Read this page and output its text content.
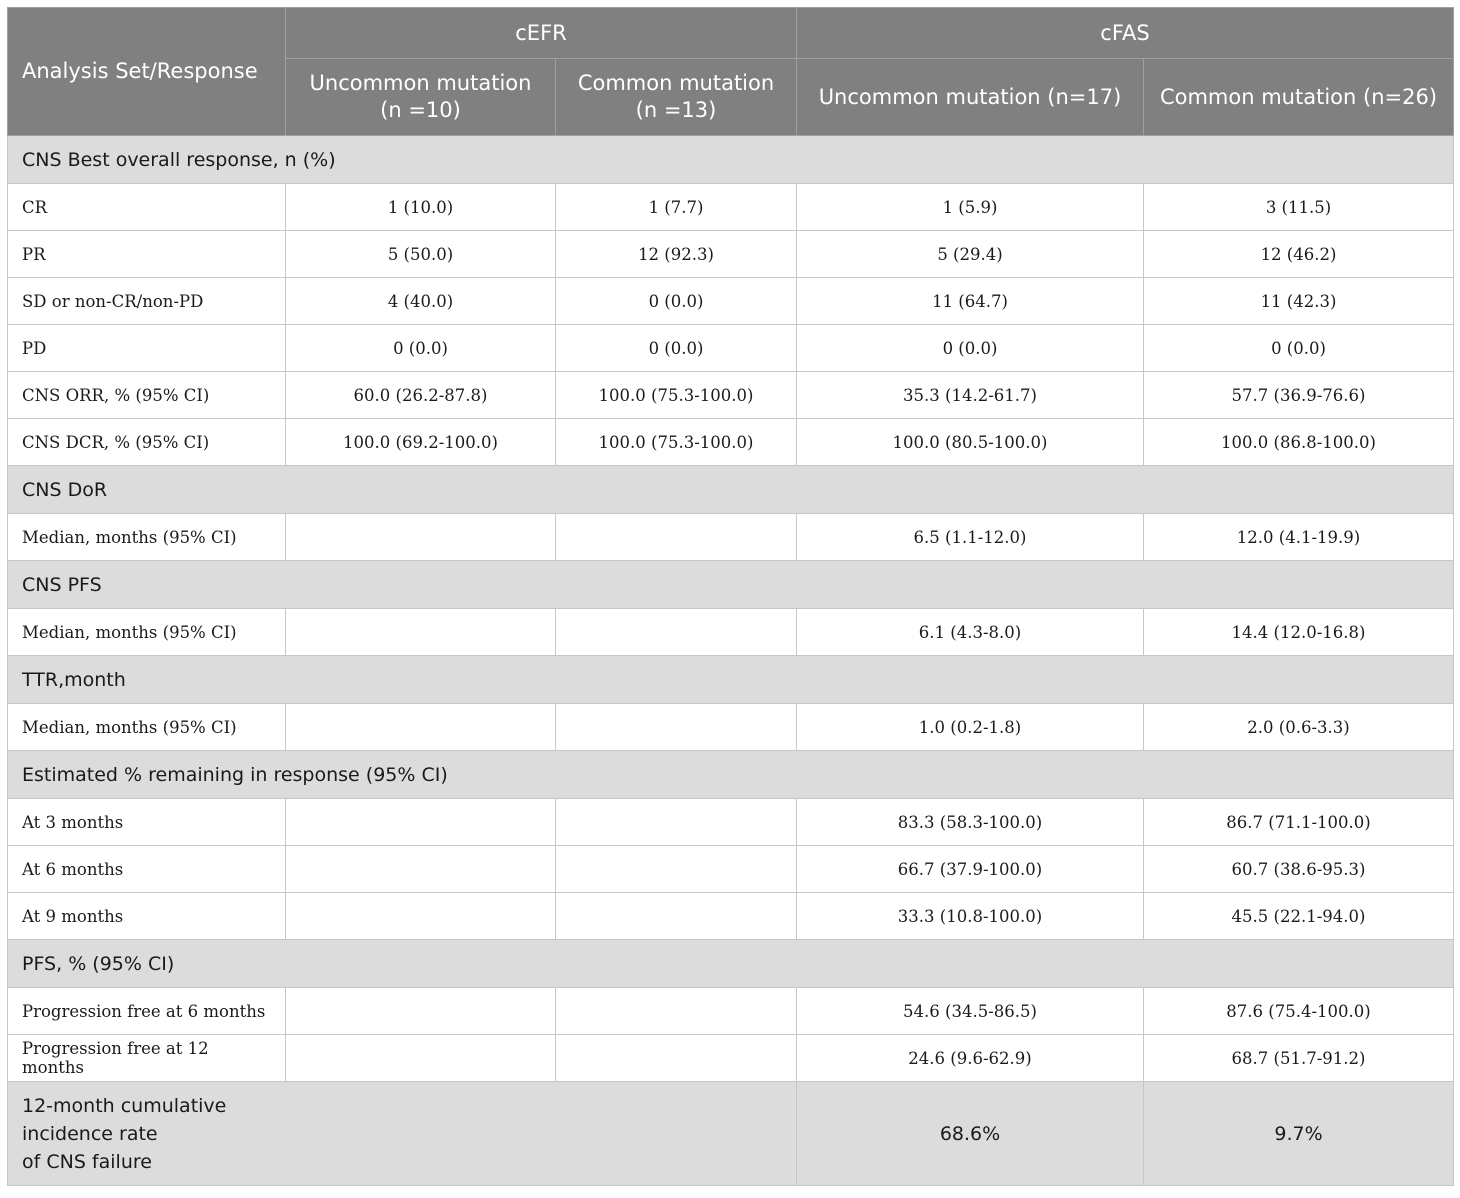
Analysis Set/Response	cEFR		cFAS	
	Uncommon mutation (n =10)	Common mutation (n =13)	Uncommon mutation (n=17)	Common mutation (n=26)
CNS Best overall response, n (%)				
CR	1 (10.0)	1 (7.7)	1 (5.9)	3 (11.5)
PR	5 (50.0)	12 (92.3)	5 (29.4)	12 (46.2)
SD or non-CR/non-PD	4 (40.0)	0 (0.0)	11 (64.7)	11 (42.3)
PD	0 (0.0)	0 (0.0)	0 (0.0)	0 (0.0)
CNS ORR, % (95% CI)	60.0 (26.2-87.8)	100.0 (75.3-100.0)	35.3 (14.2-61.7)	57.7 (36.9-76.6)
CNS DCR, % (95% CI)	100.0 (69.2-100.0)	100.0 (75.3-100.0)	100.0 (80.5-100.0)	100.0 (86.8-100.0)
CNS DoR				
Median, months (95% CI)			6.5 (1.1-12.0)	12.0 (4.1-19.9)
CNS PFS				
Median, months (95% CI)			6.1 (4.3-8.0)	14.4 (12.0-16.8)
TTR,month				
Median, months (95% CI)			1.0 (0.2-1.8)	2.0 (0.6-3.3)
Estimated % remaining in response (95% CI)				
At 3 months			83.3 (58.3-100.0)	86.7 (71.1-100.0)
At 6 months			66.7 (37.9-100.0)	60.7 (38.6-95.3)
At 9 months			33.3 (10.8-100.0)	45.5 (22.1-94.0)
PFS, % (95% CI)				
Progression free at 6 months			54.6 (34.5-86.5)	87.6 (75.4-100.0)
Progression free at 12 months			24.6 (9.6-62.9)	68.7 (51.7-91.2)
12-month cumulative
incidence rate
of CNS failure			68.6%	9.7%
